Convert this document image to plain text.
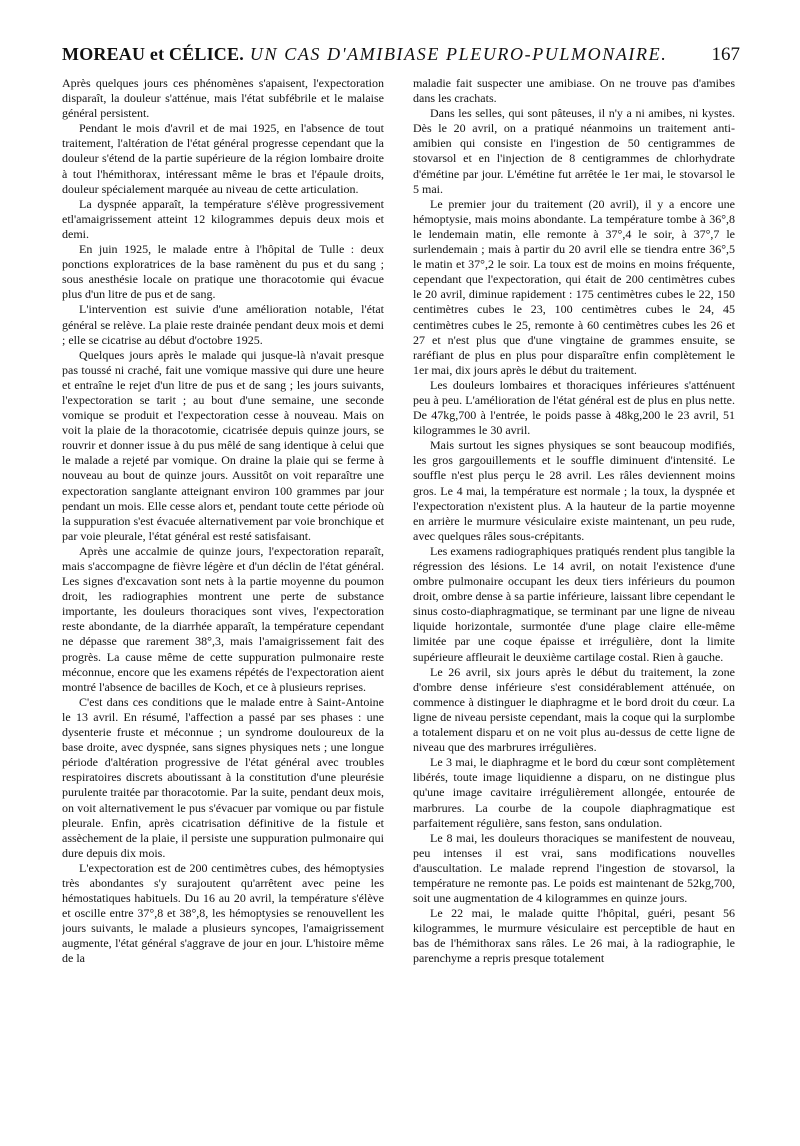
MOREAU et CÉLICE. UN CAS D'AMIBIASE PLEURO-PULMONAIRE. 167

Après quelques jours ces phénomènes s'apaisent, l'expectoration disparaît, la douleur s'atténue, mais l'état subfébrile et le malaise général persistent.

Pendant le mois d'avril et de mai 1925, en l'absence de tout traitement, l'altération de l'état général progresse cependant que la douleur s'étend de la partie supérieure de la région lombaire droite à tout l'hémithorax, intéressant même le bras et l'épaule droits, douleur spécialement marquée au niveau de cette articulation.

La dyspnée apparaît, la température s'élève progressivement etl'amaigrissement atteint 12 kilogrammes depuis deux mois et demi.

En juin 1925, le malade entre à l'hôpital de Tulle : deux ponctions exploratrices de la base ramènent du pus et du sang ; sous anesthésie locale on pratique une thoracotomie qui évacue plus d'un litre de pus et de sang.

L'intervention est suivie d'une amélioration notable, l'état général se relève. La plaie reste drainée pendant deux mois et demi ; elle se cicatrise au début d'octobre 1925.

Quelques jours après le malade qui jusque-là n'avait presque pas toussé ni craché, fait une vomique massive qui dure une heure et entraîne le rejet d'un litre de pus et de sang ; les jours suivants, l'expectoration se tarit ; au bout d'une semaine, une seconde vomique se produit et l'expectoration cesse à nouveau. Mais on voit la plaie de la thoracotomie, cicatrisée depuis quinze jours, se rouvrir et donner issue à du pus mêlé de sang identique à celui que le malade a rejeté par vomique. On draine la plaie qui se ferme à nouveau au bout de quinze jours. Aussitôt on voit reparaître une expectoration sanglante atteignant environ 100 grammes par jour pendant un mois. Elle cesse alors et, pendant toute cette période où la suppuration s'est évacuée alternativement par voie bronchique et par voie pleurale, l'état général est resté satisfaisant.

Après une accalmie de quinze jours, l'expectoration reparaît, mais s'accompagne de fièvre légère et d'un déclin de l'état général. Les signes d'excavation sont nets à la partie moyenne du poumon droit, les radiographies montrent une perte de substance importante, les douleurs thoraciques sont vives, l'expectoration reste abondante, de la diarrhée apparaît, la température cependant ne dépasse que rarement 38°,3, mais l'amaigrissement fait des progrès. La cause même de cette suppuration pulmonaire reste méconnue, encore que les examens répétés de l'expectoration aient montré l'absence de bacilles de Koch, et ce à plusieurs reprises.

C'est dans ces conditions que le malade entre à Saint-Antoine le 13 avril. En résumé, l'affection a passé par ses phases : une dysenterie fruste et méconnue ; un syndrome douloureux de la base droite, avec dyspnée, sans signes physiques nets ; une longue période d'altération progressive de l'état général avec troubles respiratoires discrets aboutissant à la constitution d'une pleurésie purulente traitée par thoracotomie. Par la suite, pendant deux mois, on voit alternativement le pus s'évacuer par vomique ou par fistule pleurale. Enfin, après cicatrisation définitive de la fistule et assèchement de la plaie, il persiste une suppuration pulmonaire qui dure depuis dix mois.

L'expectoration est de 200 centimètres cubes, des hémoptysies très abondantes s'y surajoutent qu'arrêtent avec peine les hémostatiques habituels. Du 16 au 20 avril, la température s'élève et oscille entre 37°,8 et 38°,8, les hémoptysies se renouvellent les jours suivants, le malade a plusieurs syncopes, l'amaigrissement augmente, l'état général s'aggrave de jour en jour. L'histoire même de la

maladie fait suspecter une amibiase. On ne trouve pas d'amibes dans les crachats.

Dans les selles, qui sont pâteuses, il n'y a ni amibes, ni kystes. Dès le 20 avril, on a pratiqué néanmoins un traitement anti-amibien qui consiste en l'ingestion de 50 centigrammes de stovarsol et en l'injection de 8 centigrammes de chlorhydrate d'émétine par jour. L'émétine fut arrêtée le 1er mai, le stovarsol le 5 mai.

Le premier jour du traitement (20 avril), il y a encore une hémoptysie, mais moins abondante. La température tombe à 36°,8 le lendemain matin, elle remonte à 37°,4 le soir, à 37°,7 le surlendemain ; mais à partir du 20 avril elle se tiendra entre 36°,5 le matin et 37°,2 le soir. La toux est de moins en moins fréquente, cependant que l'expectoration, qui était de 200 centimètres cubes le 20 avril, diminue rapidement : 175 centimètres cubes le 22, 150 centimètres cubes le 23, 100 centimètres cubes le 24, 45 centimètres cubes le 25, remonte à 60 centimètres cubes les 26 et 27 et n'est plus que d'une vingtaine de grammes ensuite, se raréfiant de plus en plus pour disparaître enfin complètement le 1er mai, dix jours après le début du traitement.

Les douleurs lombaires et thoraciques inférieures s'atténuent peu à peu. L'amélioration de l'état général est de plus en plus nette. De 47kg,700 à l'entrée, le poids passe à 48kg,200 le 23 avril, 51 kilogrammes le 30 avril.

Mais surtout les signes physiques se sont beaucoup modifiés, les gros gargouillements et le souffle diminuent d'intensité. Le souffle n'est plus perçu le 28 avril. Les râles deviennent moins gros. Le 4 mai, la température est normale ; la toux, la dyspnée et l'expectoration n'existent plus. A la hauteur de la partie moyenne en arrière le murmure vésiculaire existe maintenant, un peu rude, avec quelques râles sous-crépitants.

Les examens radiographiques pratiqués rendent plus tangible la régression des lésions. Le 14 avril, on notait l'existence d'une ombre pulmonaire occupant les deux tiers inférieurs du poumon droit, ombre dense à sa partie inférieure, laissant libre cependant le sinus costo-diaphragmatique, se terminant par une ligne de niveau liquide horizontale, surmontée d'une plage claire elle-même limitée par une coque épaisse et irrégulière, dont la limite supérieure affleurait le deuxième cartilage costal. Rien à gauche.

Le 26 avril, six jours après le début du traitement, la zone d'ombre dense inférieure s'est considérablement atténuée, on commence à distinguer le diaphragme et le bord droit du cœur. La ligne de niveau persiste cependant, mais la coque qui la surplombe a totalement disparu et on ne voit plus au-dessus de cette ligne de niveau que des marbrures irrégulières.

Le 3 mai, le diaphragme et le bord du cœur sont complètement libérés, toute image liquidienne a disparu, on ne distingue plus qu'une image cavitaire irrégulièrement allongée, entourée de marbrures. La courbe de la coupole diaphragmatique est parfaitement régulière, sans feston, sans ondulation.

Le 8 mai, les douleurs thoraciques se manifestent de nouveau, peu intenses il est vrai, sans modifications nouvelles d'auscultation. Le malade reprend l'ingestion de stovarsol, la température ne remonte pas. Le poids est maintenant de 52kg,700, soit une augmentation de 4 kilogrammes en quinze jours.

Le 22 mai, le malade quitte l'hôpital, guéri, pesant 56 kilogrammes, le murmure vésiculaire est perceptible de haut en bas de l'hémithorax sans râles. Le 26 mai, à la radiographie, le parenchyme a repris presque totalement
